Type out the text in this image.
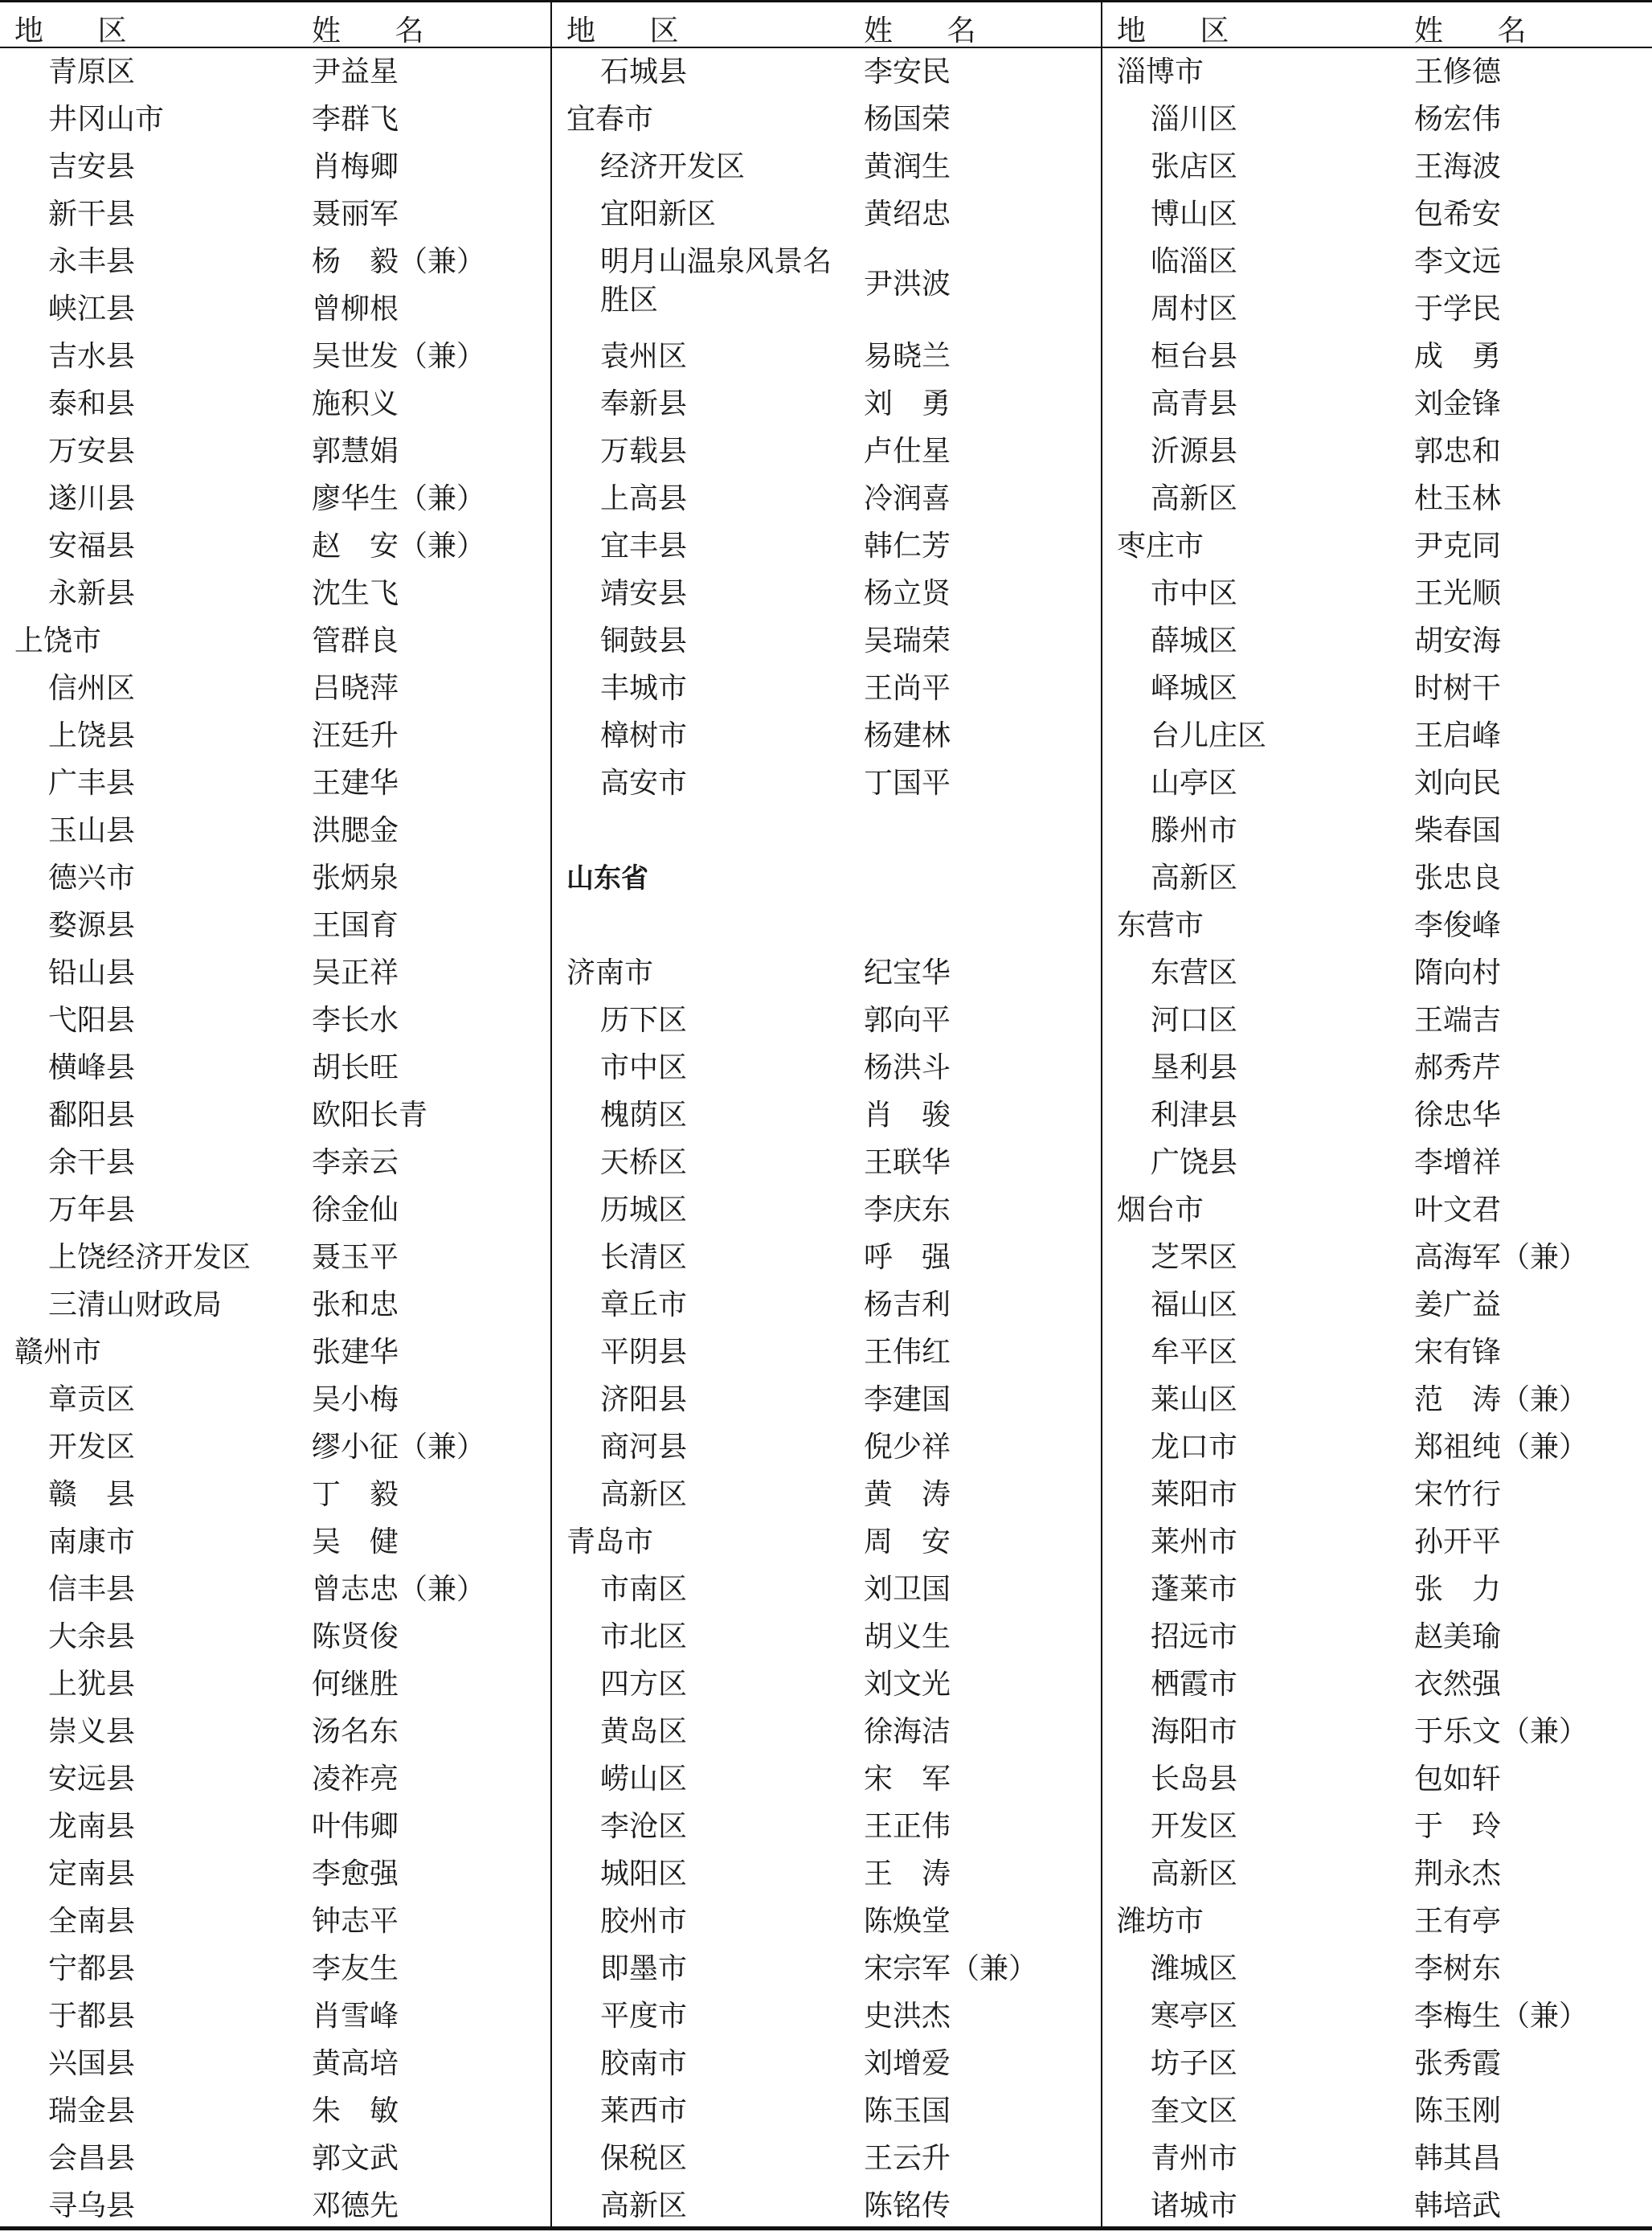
地 区	姓 名
青原区	尹益星
井冈山市	李群飞
吉安县	肖梅卿
新干县	聂丽军
永丰县	杨　毅（兼）
峡江县	曾柳根
吉水县	吴世发（兼）
泰和县	施积义
万安县	郭慧娟
遂川县	廖华生（兼）
安福县	赵　安（兼）
永新县	沈生飞
上饶市	管群良
信州区	吕晓萍
上饶县	汪廷升
广丰县	王建华
玉山县	洪腮金
德兴市	张炳泉
婺源县	王国育
铅山县	吴正祥
弋阳县	李长水
横峰县	胡长旺
鄱阳县	欧阳长青
余干县	李亲云
万年县	徐金仙
上饶经济开发区 聂玉平
三清山财政局	张和忠
赣州市	张建华
章贡区	吴小梅
开发区	缪小征（兼）
赣　县	丁　毅
南康市	吴　健
信丰县	曾志忠（兼）
大余县	陈贤俊
上犹县	何继胜
崇义县	汤名东
安远县	凌祚亮
龙南县	叶伟卿
定南县	李愈强
全南县	钟志平
宁都县	李友生
于都县	肖雪峰
兴国县	黄高培
瑞金县	朱　敏
会昌县	郭文武
寻乌县	邓德先
地 区	姓 名
石城县	李安民
宜春市	杨国荣
经济开发区	黄润生
宜阳新区	黄绍忠
明月山温泉风景名胜区	尹洪波
袁州区	易晓兰
奉新县	刘　勇
万载县	卢仕星
上高县	冷润喜
宜丰县	韩仁芳
靖安县	杨立贤
铜鼓县	吴瑞荣
丰城市	王尚平
樟树市	杨建林
高安市	丁国平
山东省
济南市	纪宝华
历下区	郭向平
市中区	杨洪斗
槐荫区	肖　骏
天桥区	王联华
历城区	李庆东
长清区	呼　强
章丘市	杨吉利
平阴县	王伟红
济阳县	李建国
商河县	倪少祥
高新区	黄　涛
青岛市	周　安
市南区	刘卫国
市北区	胡义生
四方区	刘文光
黄岛区	徐海洁
崂山区	宋　军
李沧区	王正伟
城阳区	王　涛
胶州市	陈焕堂
即墨市	宋宗军（兼）
平度市	史洪杰
胶南市	刘增爱
莱西市	陈玉国
保税区	王云升
高新区	陈铭传
地 区	姓 名
淄博市	王修德
淄川区	杨宏伟
张店区	王海波
博山区	包希安
临淄区	李文远
周村区	于学民
桓台县	成　勇
高青县	刘金锋
沂源县	郭忠和
高新区	杜玉林
枣庄市	尹克同
市中区	王光顺
薛城区	胡安海
峄城区	时树干
台儿庄区	王启峰
山亭区	刘向民
滕州市	柴春国
高新区	张忠良
东营市	李俊峰
东营区	隋向村
河口区	王端吉
垦利县	郝秀芹
利津县	徐忠华
广饶县	李增祥
烟台市	叶文君
芝罘区	高海军（兼）
福山区	姜广益
牟平区	宋有锋
莱山区	范　涛（兼）
龙口市	郑祖纯（兼）
莱阳市	宋竹行
莱州市	孙开平
蓬莱市	张　力
招远市	赵美瑜
栖霞市	衣然强
海阳市	于乐文（兼）
长岛县	包如轩
开发区	于　玲
高新区	荆永杰
潍坊市	王有亭
潍城区	李树东
寒亭区	李梅生（兼）
坊子区	张秀霞
奎文区	陈玉刚
青州市	韩其昌
诸城市	韩培武
